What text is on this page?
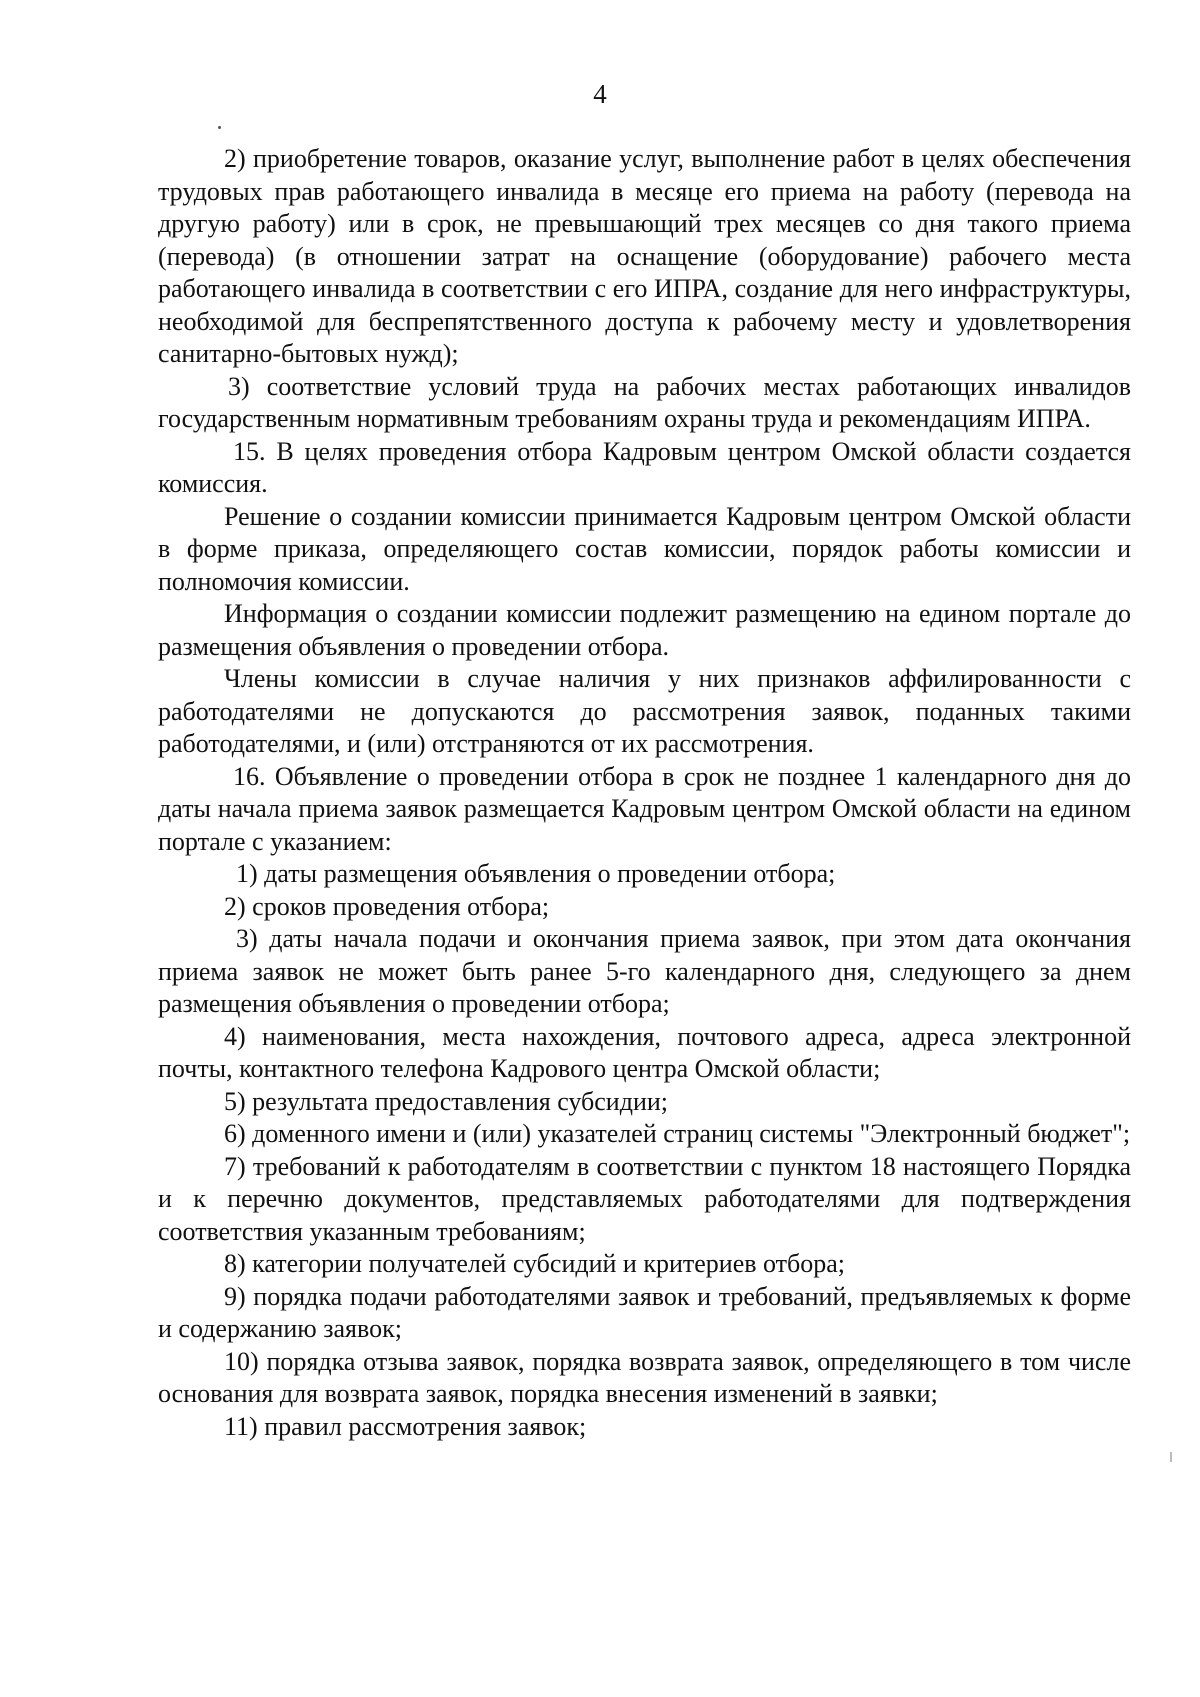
4

2) приобретение товаров, оказание услуг, выполнение работ в целях обеспечения трудовых прав работающего инвалида в месяце его приема на работу (перевода на другую работу) или в срок, не превышающий трех месяцев со дня такого приема (перевода) (в отношении затрат на оснащение (оборудование) рабочего места работающего инвалида в соответствии с его ИПРА, создание для него инфраструктуры, необходимой для беспрепятственного доступа к рабочему месту и удовлетворения санитарно-бытовых нужд);

3) соответствие условий труда на рабочих местах работающих инвалидов государственным нормативным требованиям охраны труда и рекомендациям ИПРА.

15. В целях проведения отбора Кадровым центром Омской области создается комиссия.

Решение о создании комиссии принимается Кадровым центром Омской области в форме приказа, определяющего состав комиссии, порядок работы комиссии и полномочия комиссии.

Информация о создании комиссии подлежит размещению на едином портале до размещения объявления о проведении отбора.

Члены комиссии в случае наличия у них признаков аффилированности с работодателями не допускаются до рассмотрения заявок, поданных такими работодателями, и (или) отстраняются от их рассмотрения.

16. Объявление о проведении отбора в срок не позднее 1 календарного дня до даты начала приема заявок размещается Кадровым центром Омской области на едином портале с указанием:

1) даты размещения объявления о проведении отбора;

2) сроков проведения отбора;

3) даты начала подачи и окончания приема заявок, при этом дата окончания приема заявок не может быть ранее 5-го календарного дня, следующего за днем размещения объявления о проведении отбора;

4) наименования, места нахождения, почтового адреса, адреса электронной почты, контактного телефона Кадрового центра Омской области;

5) результата предоставления субсидии;

6) доменного имени и (или) указателей страниц системы "Электронный бюджет";

7) требований к работодателям в соответствии с пунктом 18 настоящего Порядка и к перечню документов, представляемых работодателями для подтверждения соответствия указанным требованиям;

8) категории получателей субсидий и критериев отбора;

9) порядка подачи работодателями заявок и требований, предъявляемых к форме и содержанию заявок;

10) порядка отзыва заявок, порядка возврата заявок, определяющего в том числе основания для возврата заявок, порядка внесения изменений в заявки;

11) правил рассмотрения заявок;
